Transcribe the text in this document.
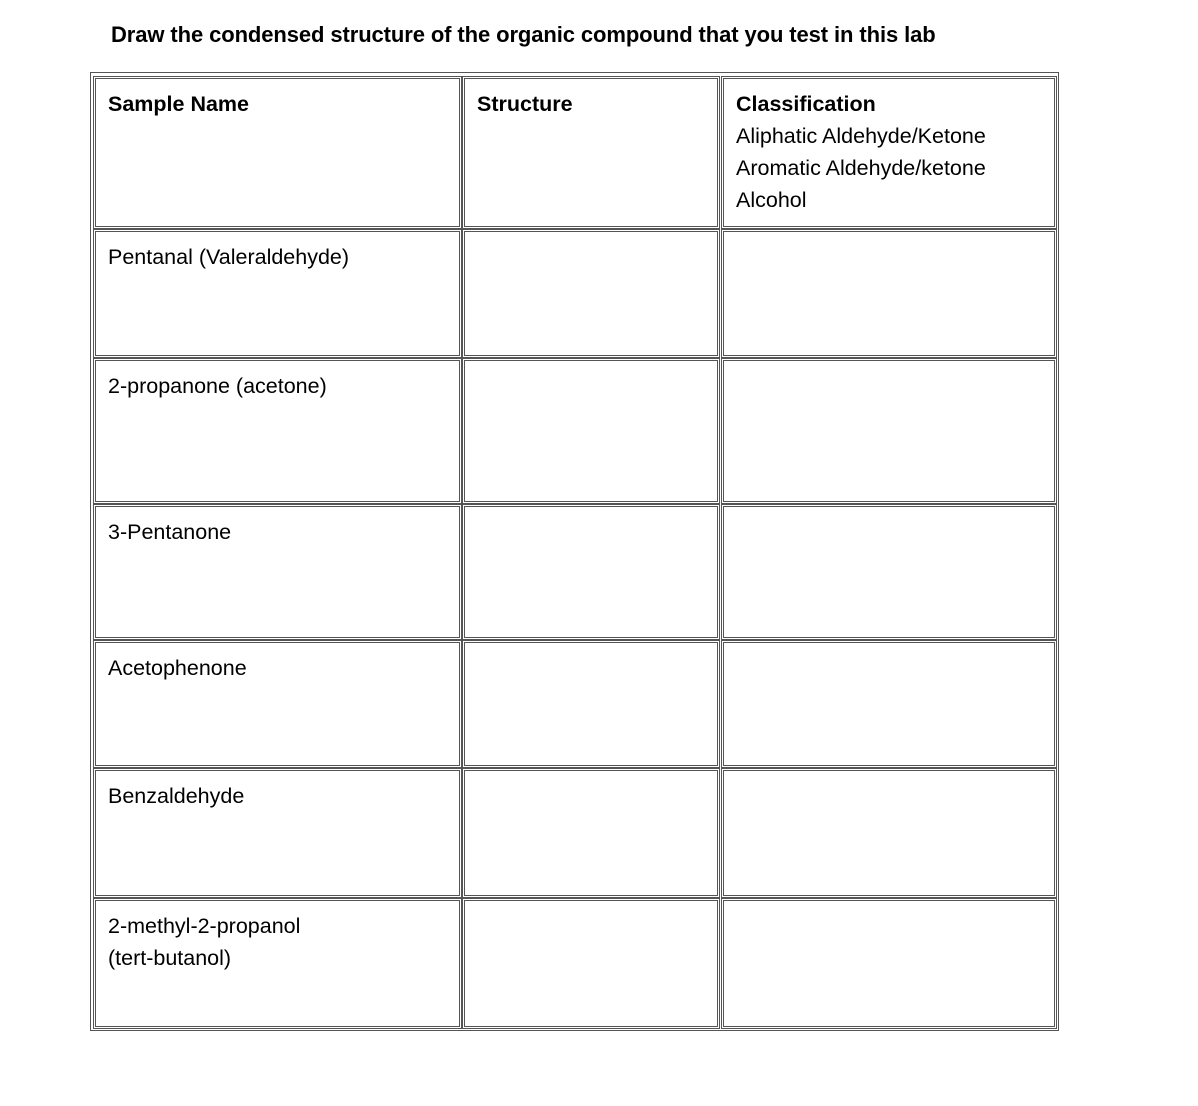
Draw the condensed structure of the organic compound that you test in this lab
Sample Name	Structure	Classification
Aliphatic Aldehyde/Ketone
Aromatic Aldehyde/ketone
Alcohol
Pentanal (Valeraldehyde)
2-propanone (acetone)
3-Pentanone
Acetophenone
Benzaldehyde
2-methyl-2-propanol
(tert-butanol)
